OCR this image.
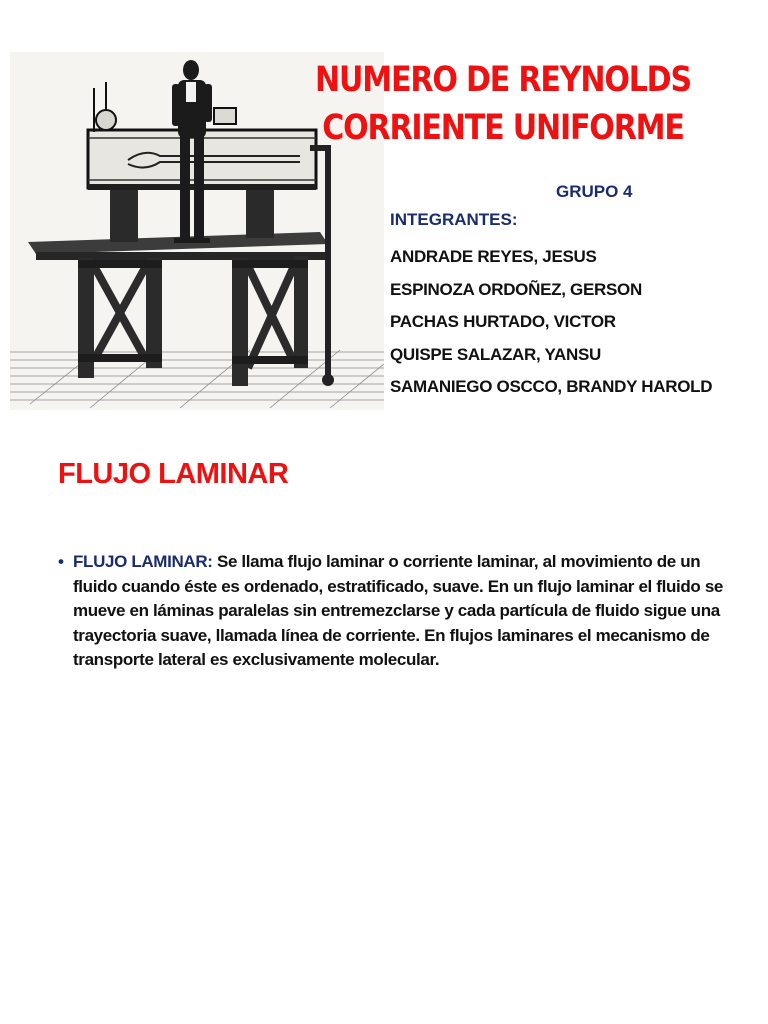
NUMERO DE REYNOLDS
CORRIENTE UNIFORME
GRUPO 4
INTEGRANTES:
ANDRADE REYES, JESUS
ESPINOZA ORDOÑEZ, GERSON
PACHAS HURTADO, VICTOR
QUISPE SALAZAR, YANSU
SAMANIEGO OSCCO, BRANDY HAROLD
FLUJO LAMINAR
• FLUJO LAMINAR: Se llama flujo laminar o corriente laminar, al movimiento de un fluido cuando éste es ordenado, estratificado, suave. En un flujo laminar el fluido se mueve en láminas paralelas sin entremezclarse y cada partícula de fluido sigue una trayectoria suave, llamada línea de corriente. En flujos laminares el mecanismo de transporte lateral es exclusivamente molecular.
